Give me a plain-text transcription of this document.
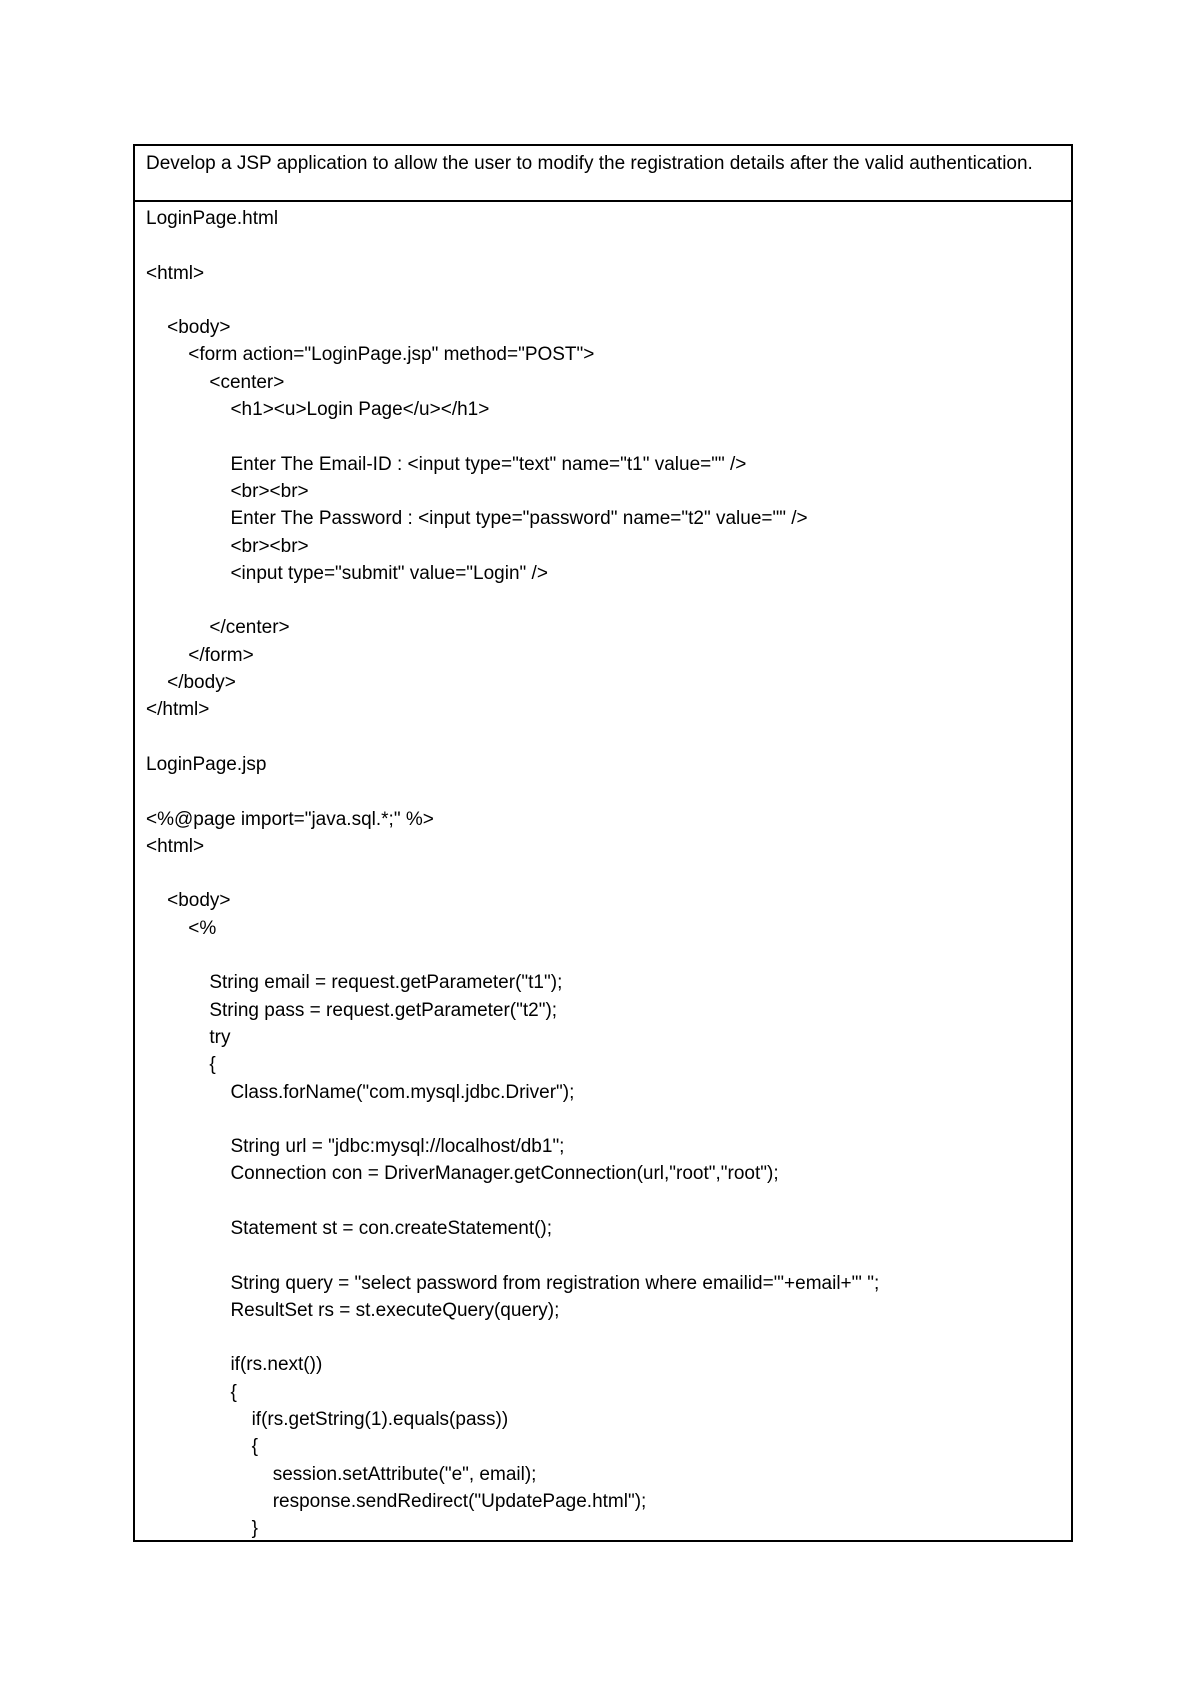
Develop a JSP application to allow the user to modify the registration details after the valid authentication.
LoginPage.html

<html>

<body>
<form action="LoginPage.jsp" method="POST">
<center>
<h1><u>Login Page</u></h1>

Enter The Email-ID : <input type="text" name="t1" value="" />
<br><br>
Enter The Password : <input type="password" name="t2" value="" />
<br><br>
<input type="submit" value="Login" />

</center>
</form>
</body>
</html>

LoginPage.jsp

<%@page import="java.sql.*;" %>
<html>

<body>
<%

String email = request.getParameter("t1");
String pass = request.getParameter("t2");
try
{
Class.forName("com.mysql.jdbc.Driver");

String url = "jdbc:mysql://localhost/db1";
Connection con = DriverManager.getConnection(url,"root","root");

Statement st = con.createStatement();

String query = "select password from registration where emailid='"+email+"' ";
ResultSet rs = st.executeQuery(query);

if(rs.next())
{
if(rs.getString(1).equals(pass))
{
session.setAttribute("e", email);
response.sendRedirect("UpdatePage.html");
}
